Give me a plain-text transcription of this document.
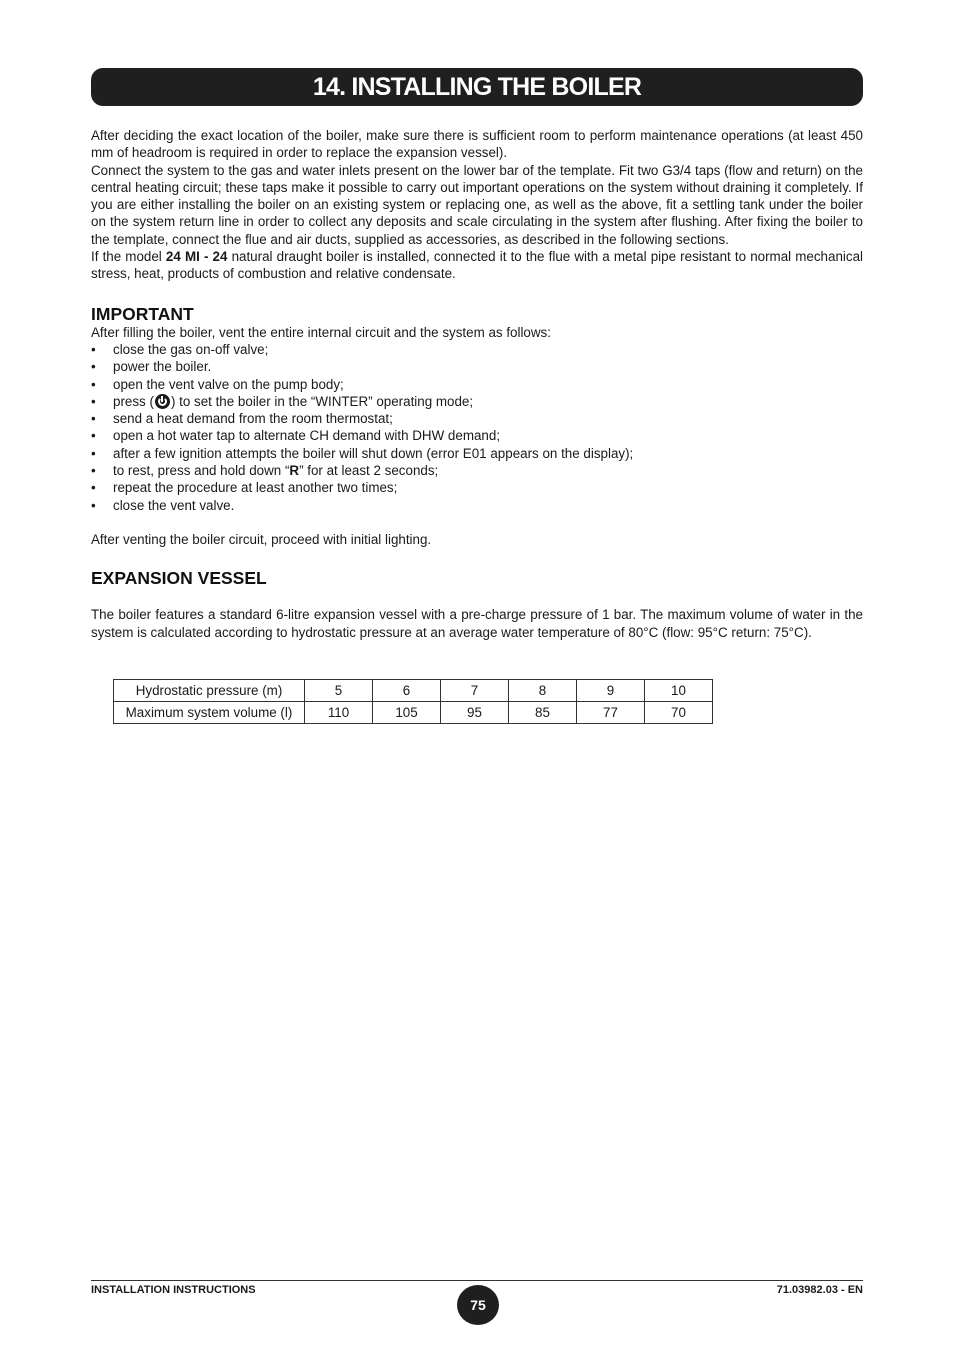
14. INSTALLING THE BOILER

After deciding the exact location of the boiler, make sure there is sufficient room to perform maintenance operations (at least 450 mm of headroom is required in order to replace the expansion vessel).

Connect the system to the gas and water inlets present on the lower bar of the template. Fit two G3/4 taps (flow and return) on the central heating circuit; these taps make it possible to carry out important operations on the system without draining it completely. If you are either installing the boiler on an existing system or replacing one, as well as the above, fit a settling tank under the boiler on the system return line in order to collect any deposits and scale circulating in the system after flushing. After fixing the boiler to the template, connect the flue and air ducts, supplied as accessories, as described in the following sections.

If the model 24 MI - 24 natural draught boiler is installed, connected it to the flue with a metal pipe resistant to normal mechanical stress, heat, products of combustion and relative condensate.

IMPORTANT

After filling the boiler, vent the entire internal circuit and the system as follows:

• close the gas on-off valve;
• power the boiler.
• open the vent valve on the pump body;
• press ( ) to set the boiler in the “WINTER” operating mode;
• send a heat demand from the room thermostat;
• open a hot water tap to alternate CH demand with DHW demand;
• after a few ignition attempts the boiler will shut down (error E01 appears on the display);
• to rest, press and hold down “R” for at least 2 seconds;
• repeat the procedure at least another two times;
• close the vent valve.

After venting the boiler circuit, proceed with initial lighting.

EXPANSION VESSEL

The boiler features a standard 6-litre expansion vessel with a pre-charge pressure of 1 bar. The maximum volume of water in the system is calculated according to hydrostatic pressure at an average water temperature of 80°C (flow: 95°C return: 75°C).

Hydrostatic pressure (m)	5	6	7	8	9	10
Maximum system volume (l)	110	105	95	85	77	70
INSTALLATION INSTRUCTIONS
75
71.03982.03 - EN
